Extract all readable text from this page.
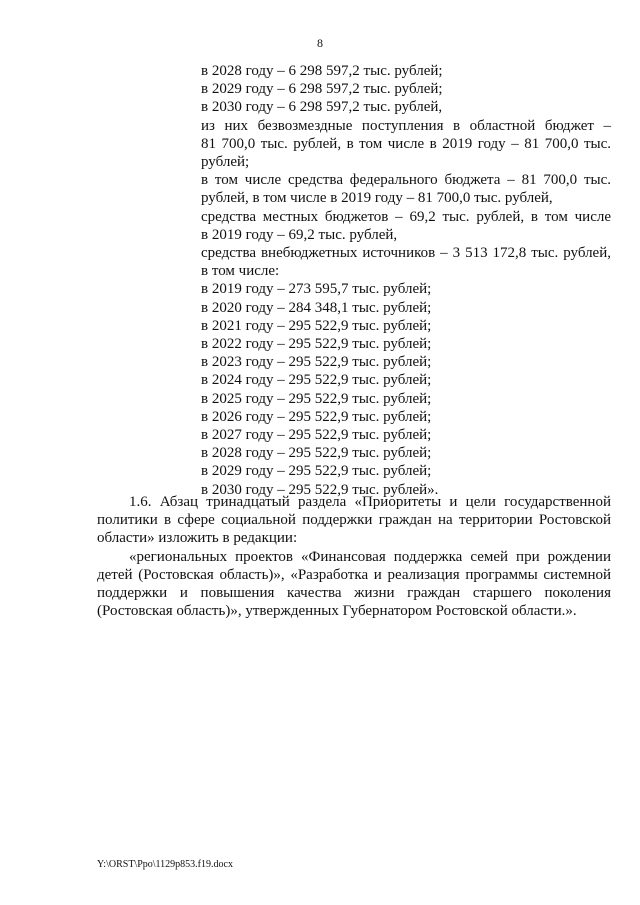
8
в 2028 году – 6 298 597,2 тыс. рублей;
в 2029 году – 6 298 597,2 тыс. рублей;
в 2030 году – 6 298 597,2 тыс. рублей,
из них безвозмездные поступления в областной бюджет –
81 700,0 тыс. рублей, в том числе в 2019 году – 81 700,0 тыс.
рублей;
в том числе средства федерального бюджета – 81 700,0 тыс.
рублей, в том числе в 2019 году – 81 700,0 тыс. рублей,
средства местных бюджетов – 69,2 тыс. рублей, в том числе
в 2019 году – 69,2 тыс. рублей,
средства внебюджетных источников – 3 513 172,8 тыс. рублей,
в том числе:
в 2019 году – 273 595,7 тыс. рублей;
в 2020 году – 284 348,1 тыс. рублей;
в 2021 году – 295 522,9 тыс. рублей;
в 2022 году – 295 522,9 тыс. рублей;
в 2023 году – 295 522,9 тыс. рублей;
в 2024 году – 295 522,9 тыс. рублей;
в 2025 году – 295 522,9 тыс. рублей;
в 2026 году – 295 522,9 тыс. рублей;
в 2027 году – 295 522,9 тыс. рублей;
в 2028 году – 295 522,9 тыс. рублей;
в 2029 году – 295 522,9 тыс. рублей;
в 2030 году – 295 522,9 тыс. рублей».
1.6. Абзац тринадцатый раздела «Приоритеты и цели государственной
политики в сфере социальной поддержки граждан на территории Ростовской
области» изложить в редакции:
«региональных проектов «Финансовая поддержка семей при рождении
детей (Ростовская область)», «Разработка и реализация программы системной
поддержки и повышения качества жизни граждан старшего поколения
(Ростовская область)», утвержденных Губернатором Ростовской области.».
Y:\ORST\Ppo\1129p853.f19.docx
